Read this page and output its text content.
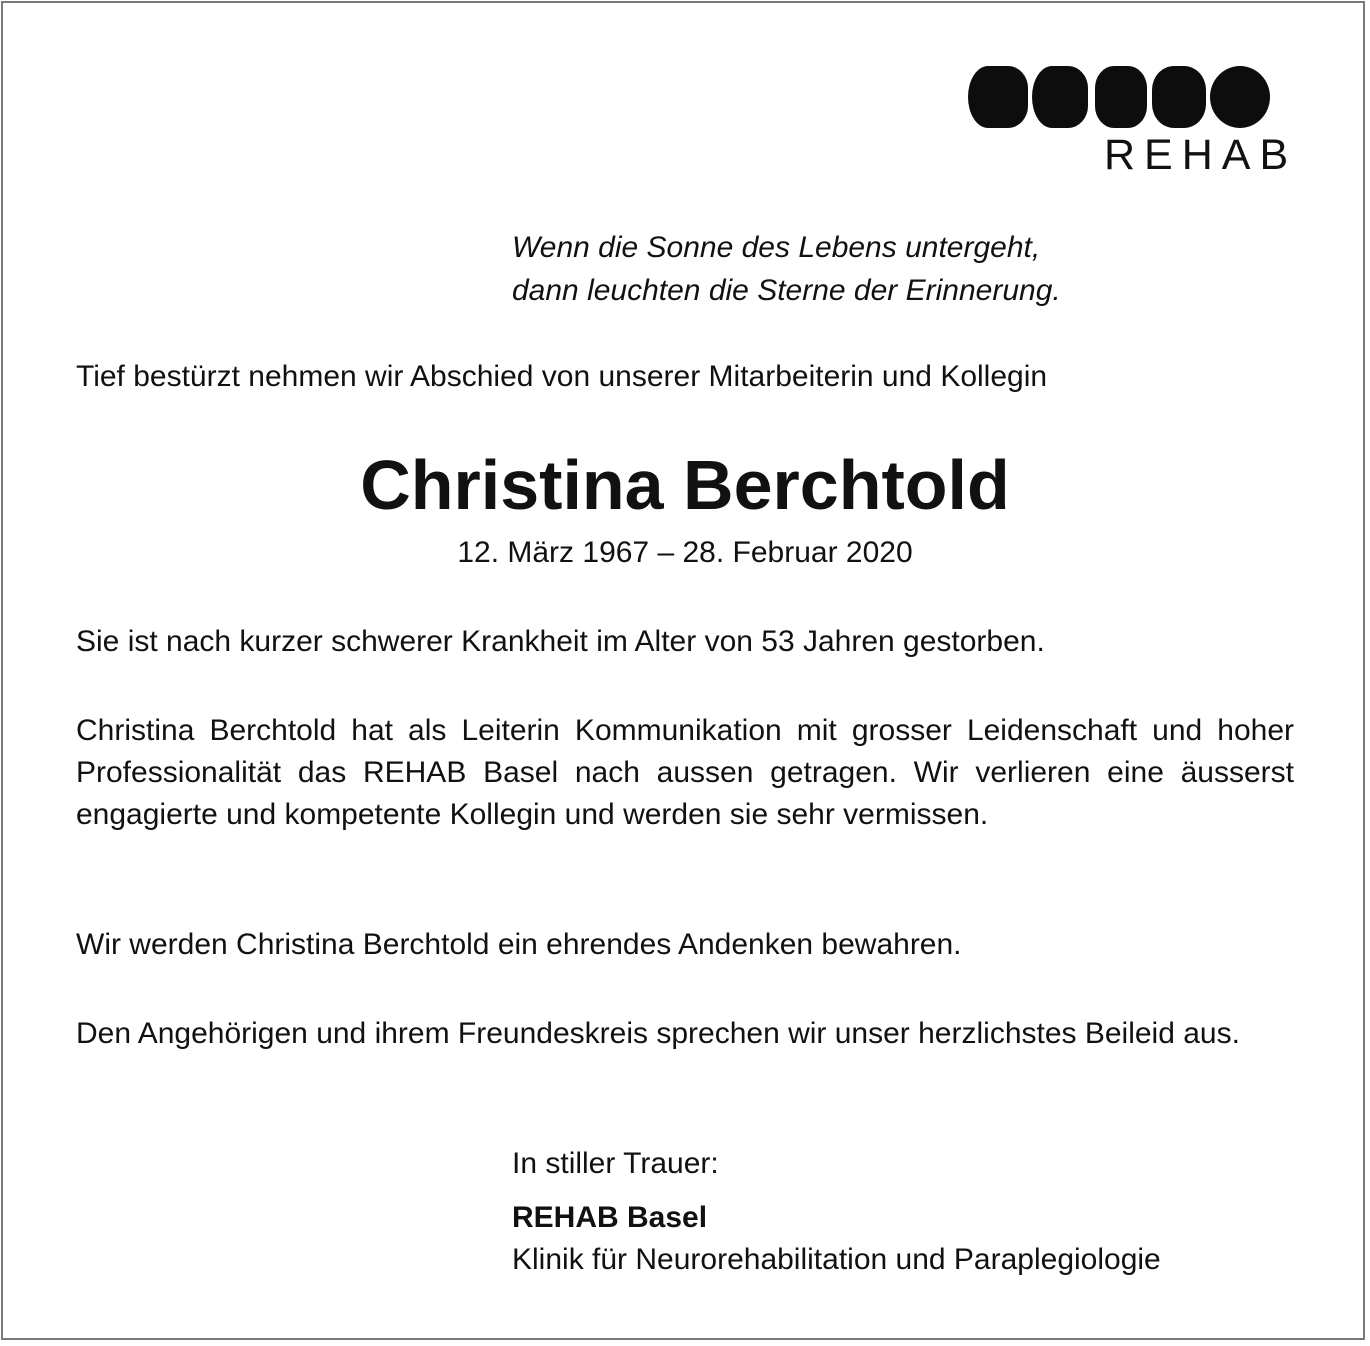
REHAB
Wenn die Sonne des Lebens untergeht,
dann leuchten die Sterne der Erinnerung.

Tief bestürzt nehmen wir Abschied von unserer Mitarbeiterin und Kollegin

Christina Berchtold

12. März 1967 – 28. Februar 2020

Sie ist nach kurzer schwerer Krankheit im Alter von 53 Jahren gestorben.

Christina Berchtold hat als Leiterin Kommunikation mit grosser Leidenschaft und hoher Professionalität das REHAB Basel nach aussen getragen. Wir verlieren eine äusserst engagierte und kompetente Kollegin und werden sie sehr vermissen.

Wir werden Christina Berchtold ein ehrendes Andenken bewahren.

Den Angehörigen und ihrem Freundeskreis sprechen wir unser herzlichstes Beileid aus.

In stiller Trauer:

REHAB Basel

Klinik für Neurorehabilitation und Paraplegiologie
